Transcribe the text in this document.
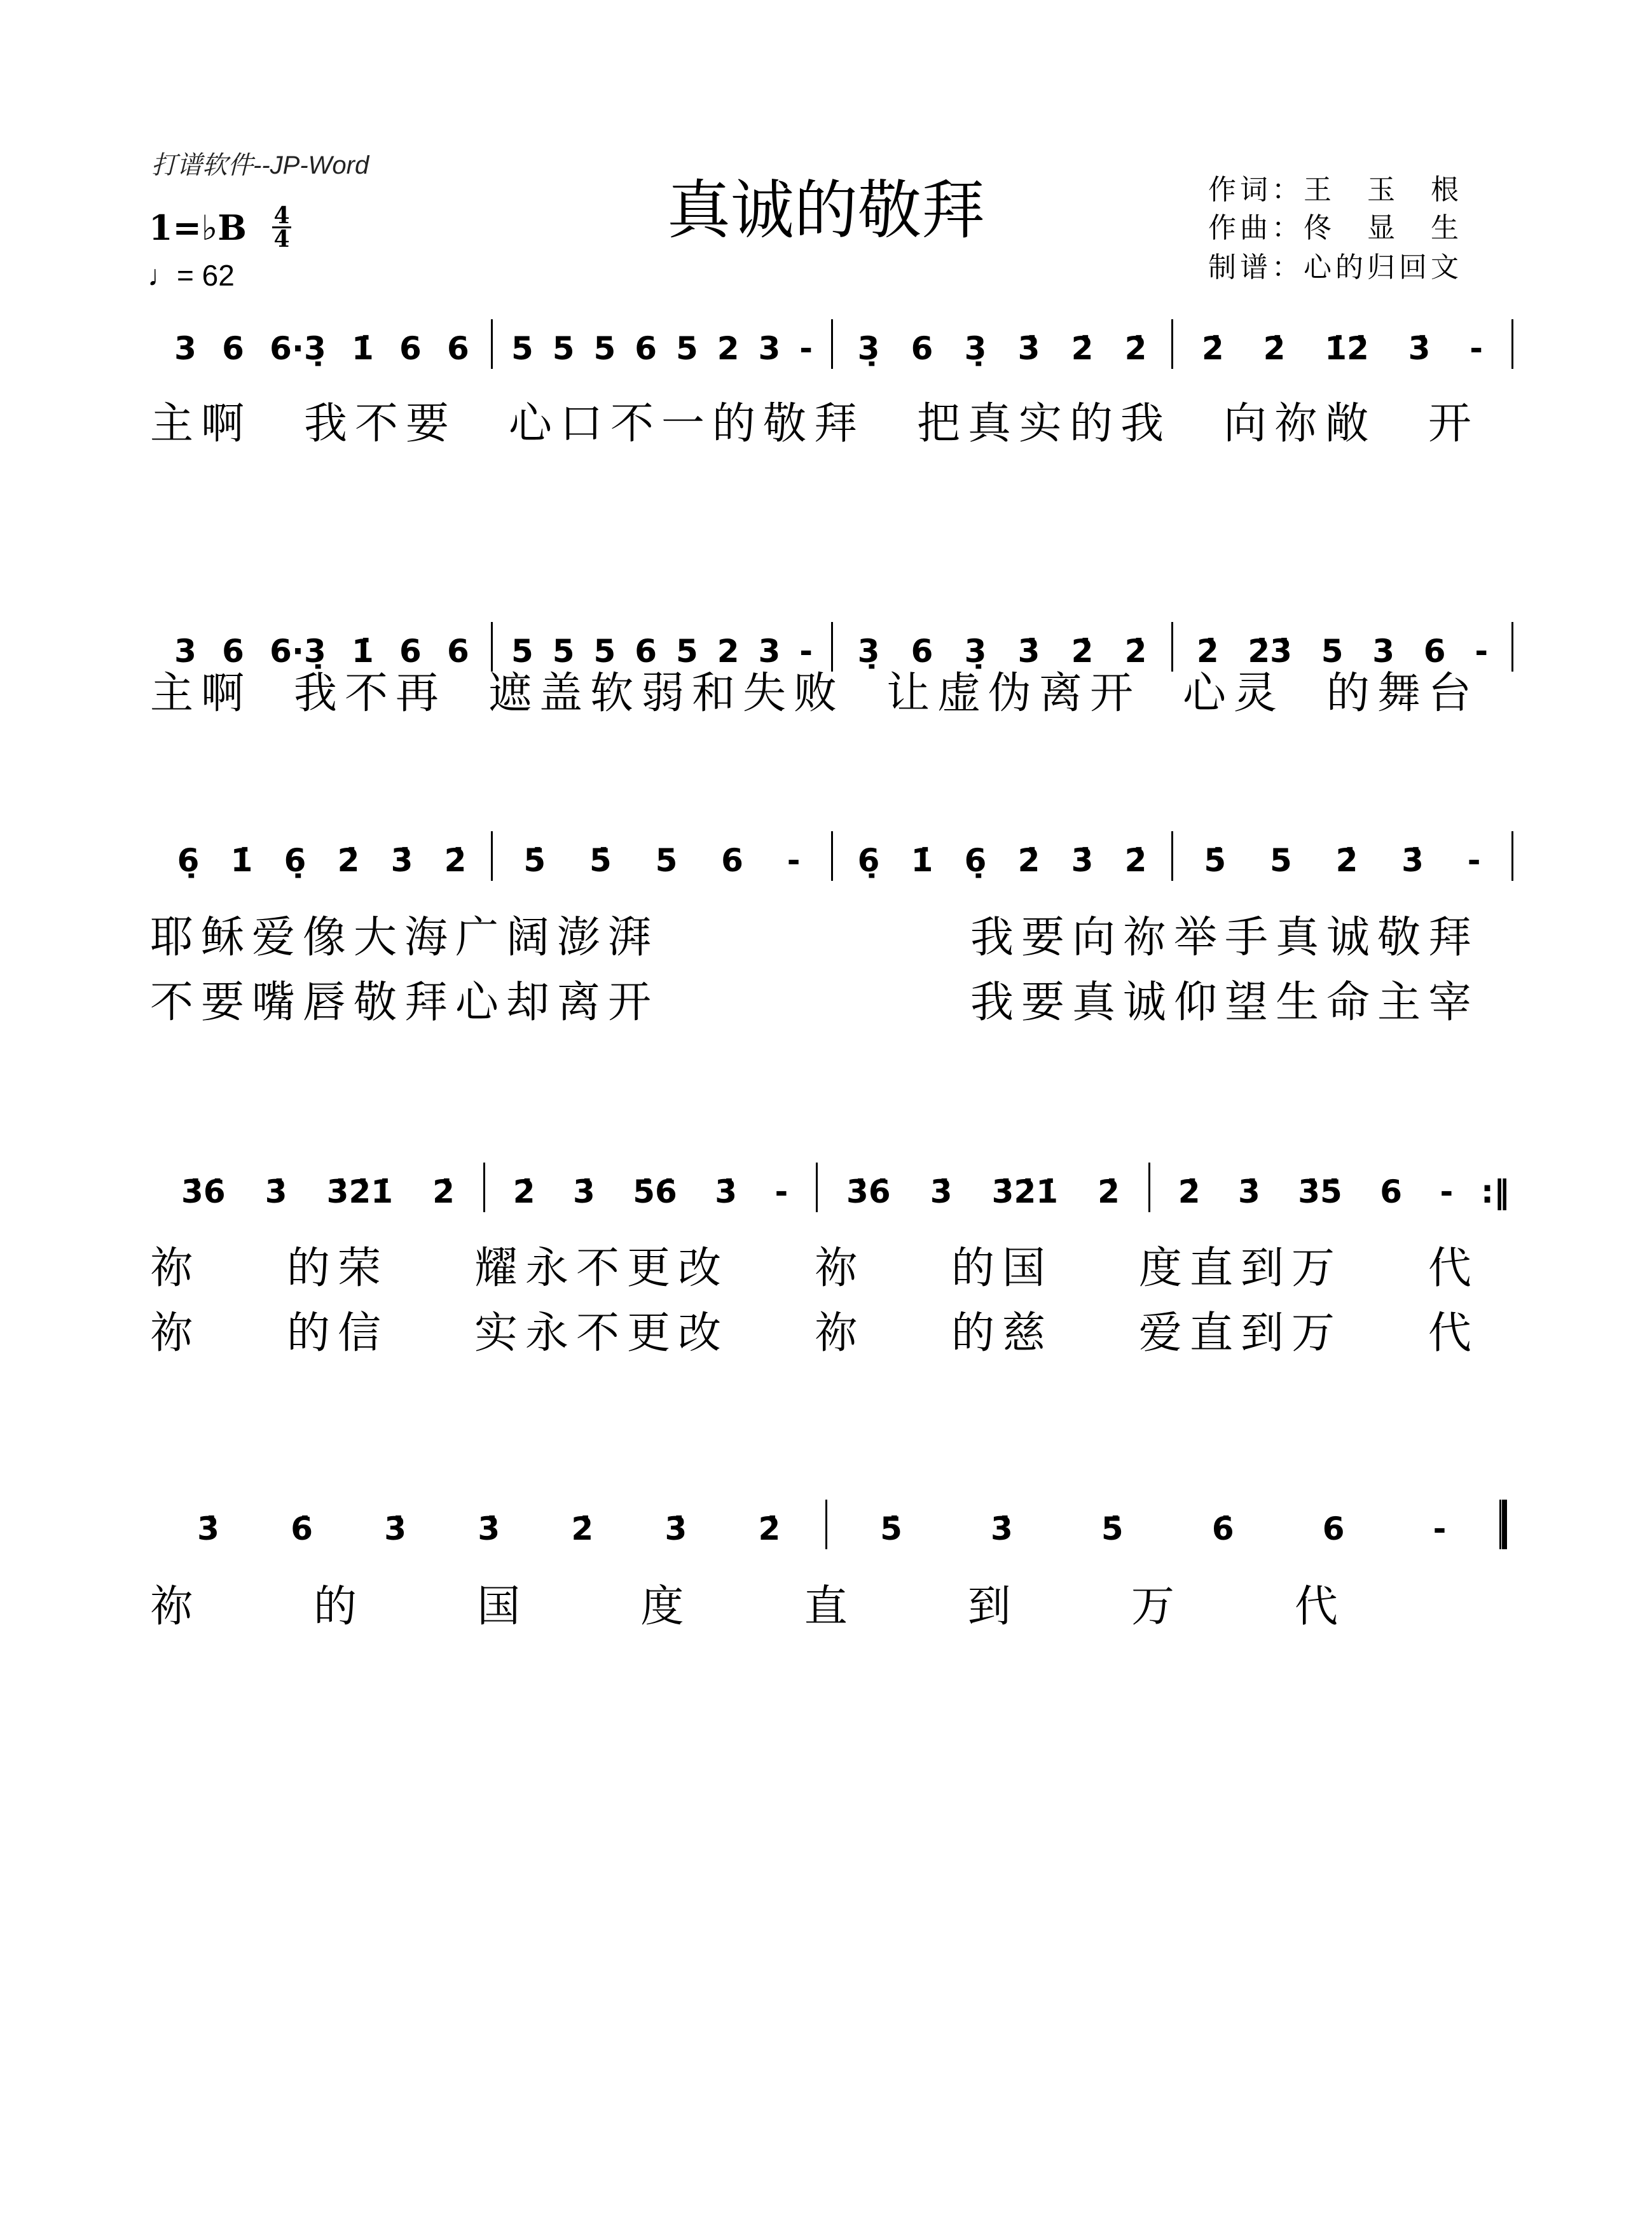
打谱软件--JP-Word
真诚的敬拜	作词：王　玉　根
作曲：佟　显　生
制谱：心的归回文
1=♭B 4
4
♩= 62
3 6 6·3̣ 1̇ 6 6 5 5 5 6 5 2 3 - 3̣ 6 3̣ 3̇ 2̇ 2̇ 2̇ 2̇ 1̇2̇ 3̇ -
主啊 我不要 心口不一的敬拜 把真实的我 向祢敞 开
3 6 6·3̣ 1̇ 6 6 5 5 5 6 5 2 3 - 3̣ 6 3̣ 3̇ 2̇ 2̇ 2̇ 2̇3̇ 5 3 6 -
主啊 我不再 遮盖软弱和失败 让虚伪离开 心灵 的舞台
6̣ 1̇ 6̣ 2̇ 3̇ 2̇ 5̇ 5̇ 5 6 - 6̣ 1̇ 6̣ 2̇ 3̇ 2̇ 5̇ 5 2̇ 3̇ -
耶稣爱像大海广阔澎湃	我要向祢举手真诚敬拜
不要嘴唇敬拜心却离开	我要真诚仰望生命主宰
3̇6̇ 3̇ 3̇2̇1̇ 2̇ 2̇ 3̇ 5̇6̇ 3̇ - 3̇6̇ 3̇ 3̇2̇1̇ 2̇ 2̇ 3̇ 3̇5̇ 6 - :‖
祢 的荣 耀永不更改 祢 的国 度直到万 代
祢 的信 实永不更改 祢 的慈 爱直到万 代
3̇ 6̇ 3̇ 3̇ 2̇ 3̇ 2̇	5̇	3̇	5̇	6̇	6	-
祢	的	国	度	直	到	万	代
